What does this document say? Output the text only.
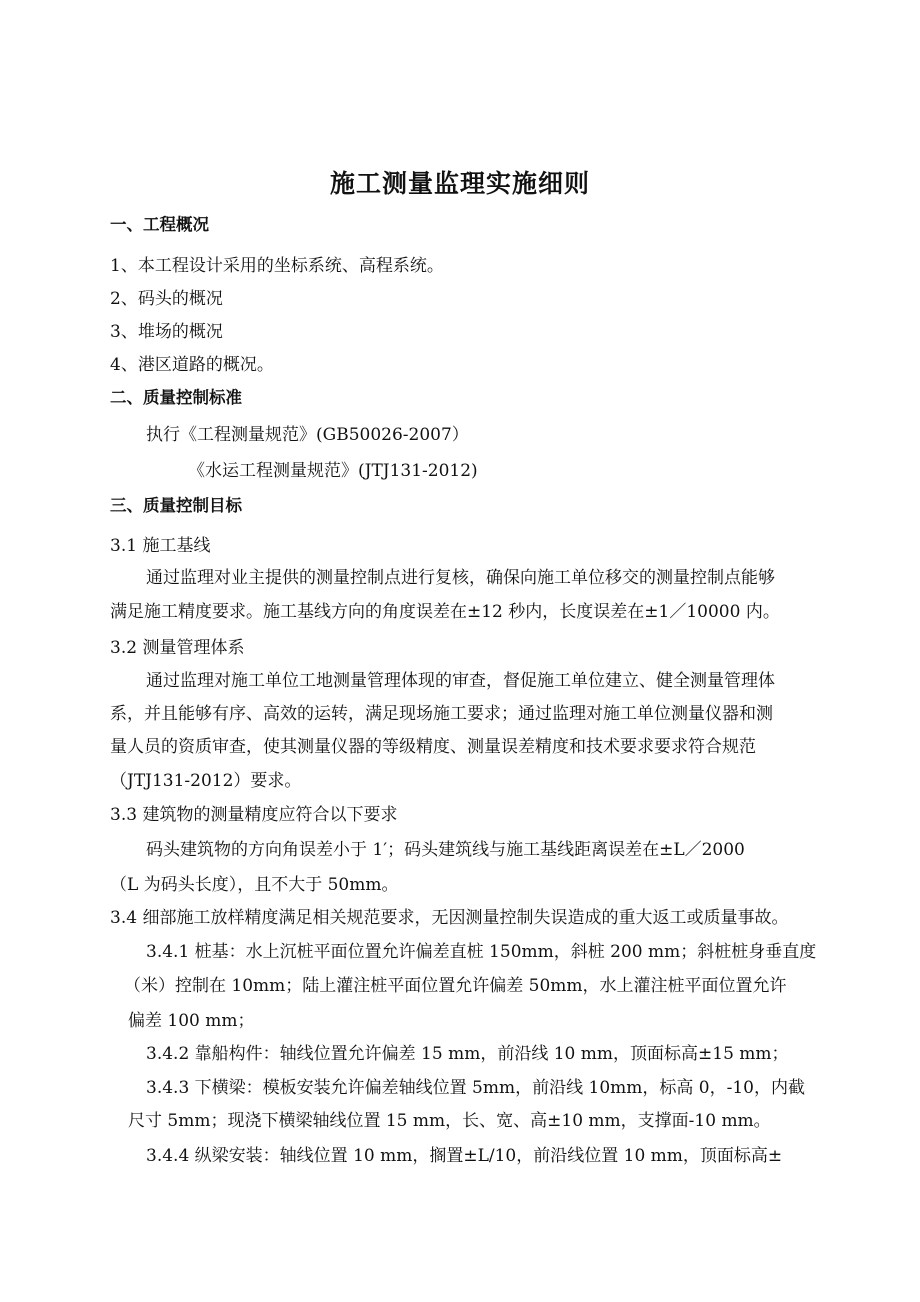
施工测量监理实施细则
一、工程概况
1、本工程设计采用的坐标系统、高程系统。
2、码头的概况
3、堆场的概况
4、港区道路的概况。
二、质量控制标准
执行《工程测量规范》(GB50026-2007）
《水运工程测量规范》(JTJ131-2012)
三、质量控制目标
3.1 施工基线
通过监理对业主提供的测量控制点进行复核，确保向施工单位移交的测量控制点能够
满足施工精度要求。施工基线方向的角度误差在±12 秒内，长度误差在±1／10000 内。
3.2 测量管理体系
通过监理对施工单位工地测量管理体现的审查，督促施工单位建立、健全测量管理体
系，并且能够有序、高效的运转，满足现场施工要求；通过监理对施工单位测量仪器和测
量人员的资质审查，使其测量仪器的等级精度、测量误差精度和技术要求要求符合规范
（JTJ131-2012）要求。
3.3 建筑物的测量精度应符合以下要求
码头建筑物的方向角误差小于 1′；码头建筑线与施工基线距离误差在±L／2000
（L 为码头长度），且不大于 50mm。
3.4 细部施工放样精度满足相关规范要求，无因测量控制失误造成的重大返工或质量事故。
3.4.1 桩基：水上沉桩平面位置允许偏差直桩 150mm，斜桩 200 mm；斜桩桩身垂直度
（米）控制在 10mm；陆上灌注桩平面位置允许偏差 50mm，水上灌注桩平面位置允许
偏差 100 mm；
3.4.2 靠船构件：轴线位置允许偏差 15 mm，前沿线 10 mm，顶面标高±15 mm；
3.4.3 下横梁：模板安装允许偏差轴线位置 5mm，前沿线 10mm，标高 0，-10，内截
尺寸 5mm；现浇下横梁轴线位置 15 mm，长、宽、高±10 mm，支撑面-10 mm。
3.4.4 纵梁安装：轴线位置 10 mm，搁置±L/10，前沿线位置 10 mm，顶面标高±
